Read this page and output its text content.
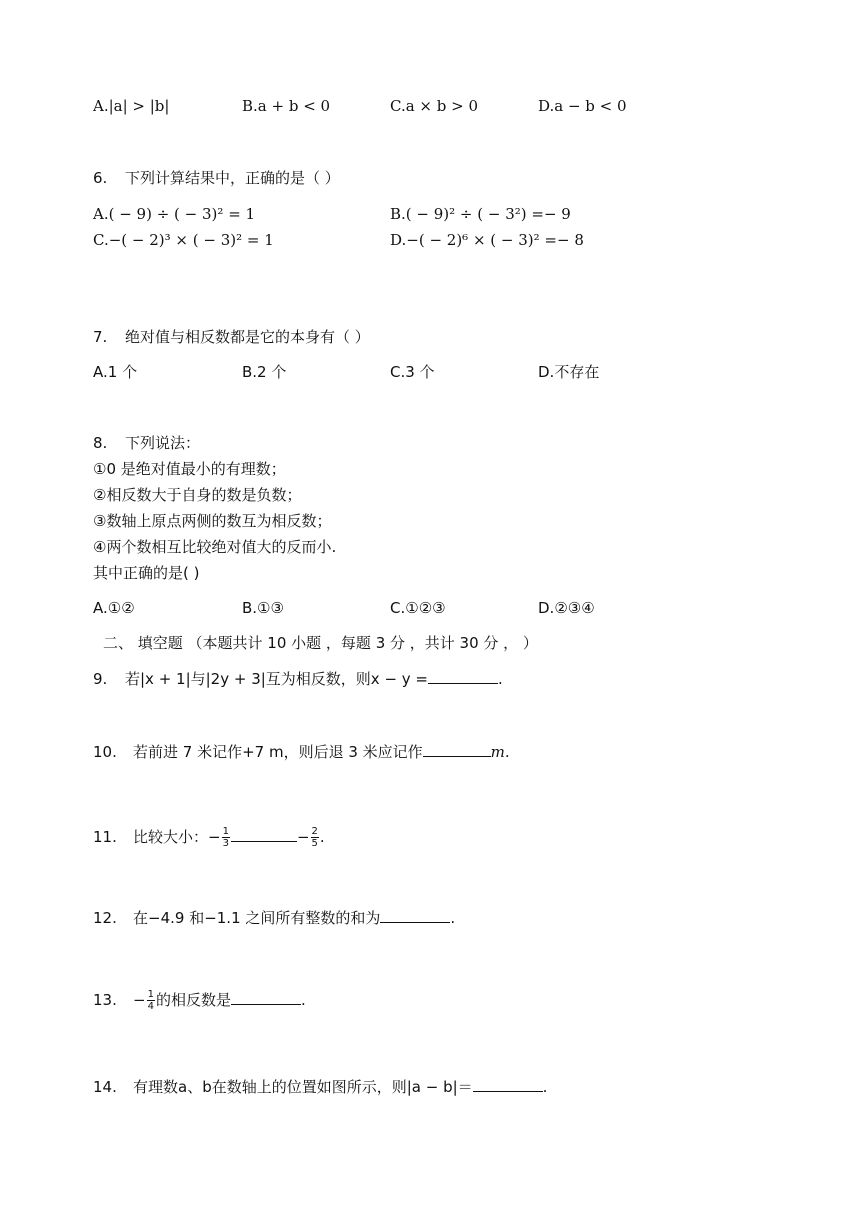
A.|a| > |b|	B.a + b < 0	C.a × b > 0	D.a − b < 0
6. 下列计算结果中，正确的是（ ）
A.( − 9) ÷ ( − 3)² = 1	B.( − 9)² ÷ ( − 3²) =− 9
C.−( − 2)³ × ( − 3)² = 1	D.−( − 2)⁶ × ( − 3)² =− 8
7. 绝对值与相反数都是它的本身有（ ）
A.1 个	B.2 个	C.3 个	D.不存在
8. 下列说法：
①0 是绝对值最小的有理数；
②相反数大于自身的数是负数；
③数轴上原点两侧的数互为相反数；
④两个数相互比较绝对值大的反而小.
其中正确的是( )
A.①②	B.①③	C.①②③	D.②③④
二、 填空题 （本题共计 10 小题 ，每题 3 分 ，共计 30 分 ， ）
9. 若|x + 1|与|2y + 3|互为相反数，则x − y =	.
10. 若前进 7 米记作+7 m，则后退 3 米应记作	m.
11. 比较大小：− $\frac{1}{3}$	− $\frac{2}{5}$ .
12. 在−4.9 和−1.1 之间所有整数的和为	.
13. − $\frac{1}{4}$ 的相反数是	.
14. 有理数a、b在数轴上的位置如图所示，则|a − b|＝	.
